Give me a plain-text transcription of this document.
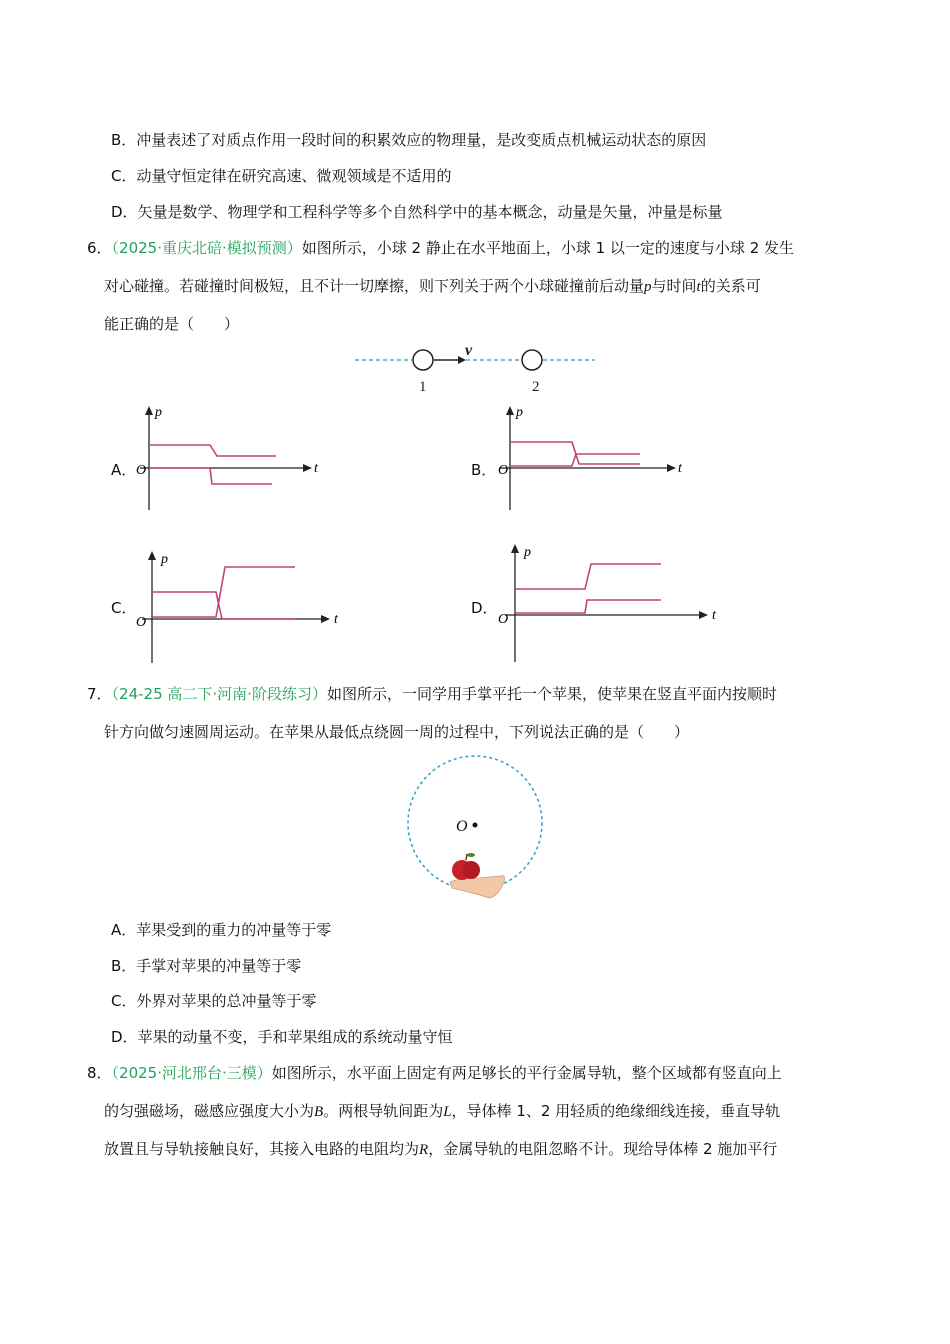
B．冲量表述了对质点作用一段时间的积累效应的物理量，是改变质点机械运动状态的原因
C．动量守恒定律在研究高速、微观领域是不适用的
D．矢量是数学、物理学和工程科学等多个自然科学中的基本概念，动量是矢量，冲量是标量
6．（2025·重庆北碚·模拟预测）如图所示，小球 2 静止在水平地面上，小球 1 以一定的速度与小球 2 发生
对心碰撞。若碰撞时间极短，且不计一切摩擦，则下列关于两个小球碰撞前后动量p与时间t的关系可
能正确的是（　　）
v
1	2
A．
p
t
O	B．
p
t
O
C．
p
t
O
D．
p
t
O
7．（24-25 高二下·河南·阶段练习）如图所示，一同学用手掌平托一个苹果，使苹果在竖直平面内按顺时
针方向做匀速圆周运动。在苹果从最低点绕圆一周的过程中，下列说法正确的是（　　）
O
A．苹果受到的重力的冲量等于零
B．手掌对苹果的冲量等于零
C．外界对苹果的总冲量等于零
D．苹果的动量不变，手和苹果组成的系统动量守恒
8．（2025·河北邢台·三模）如图所示，水平面上固定有两足够长的平行金属导轨，整个区域都有竖直向上
的匀强磁场，磁感应强度大小为B。两根导轨间距为L，导体棒 1、2 用轻质的绝缘细线连接，垂直导轨
放置且与导轨接触良好，其接入电路的电阻均为R，金属导轨的电阻忽略不计。现给导体棒 2 施加平行
